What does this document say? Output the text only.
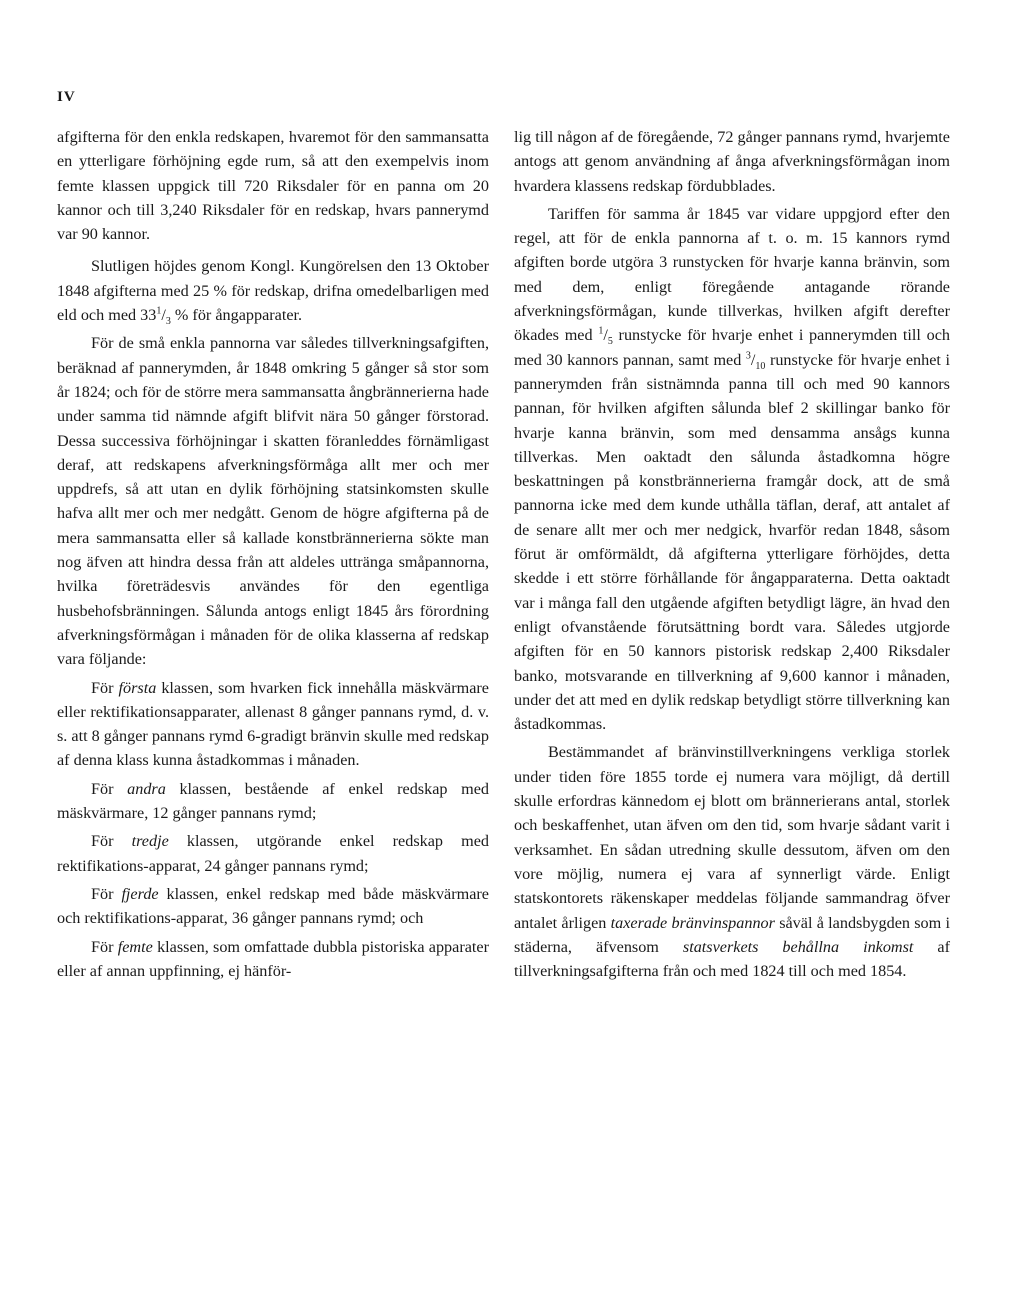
IV

afgifterna för den enkla redskapen, hvaremot för den sammansatta en ytterligare förhöjning egde rum, så att den exempelvis inom femte klassen uppgick till 720 Riksdaler för en panna om 20 kannor och till 3,240 Riksdaler för en redskap, hvars pannerymd var 90 kannor.

Slutligen höjdes genom Kongl. Kungörelsen den 13 Oktober 1848 afgifterna med 25 % för redskap, drifna omedelbarligen med eld och med $33^1/_3$ % för ångapparater.

För de små enkla pannorna var således tillverkningsafgiften, beräknad af pannerymden, år 1848 omkring 5 gånger så stor som år 1824; och för de större mera sammansatta ångbrännerierna hade under samma tid nämnde afgift blifvit nära 50 gånger förstorad. Dessa successiva förhöjningar i skatten föranleddes förnämligast deraf, att redskapens afverkningsförmåga allt mer och mer uppdrefs, så att utan en dylik förhöjning statsinkomsten skulle hafva allt mer och mer nedgått. Genom de högre afgifterna på de mera sammansatta eller så kallade konstbrännerierna sökte man nog äfven att hindra dessa från att aldeles uttränga småpannorna, hvilka företrädesvis användes för den egentliga husbehofsbränningen. Sålunda antogs enligt 1845 års förordning afverkningsförmågan i månaden för de olika klasserna af redskap vara följande:

För första klassen, som hvarken fick innehålla mäskvärmare eller rektifikationsapparater, allenast 8 gånger pannans rymd, d. v. s. att 8 gånger pannans rymd 6-gradigt bränvin skulle med redskap af denna klass kunna åstadkommas i månaden.

För andra klassen, bestående af enkel redskap med mäskvärmare, 12 gånger pannans rymd;

För tredje klassen, utgörande enkel redskap med rektifikations-apparat, 24 gånger pannans rymd;

För fjerde klassen, enkel redskap med både mäskvärmare och rektifikations-apparat, 36 gånger pannans rymd; och

För femte klassen, som omfattade dubbla pistoriska apparater eller af annan uppfinning, ej hänför-

lig till någon af de föregående, 72 gånger pannans rymd, hvarjemte antogs att genom användning af ånga afverkningsförmågan inom hvardera klassens redskap fördubblades.

Tariffen för samma år 1845 var vidare uppgjord efter den regel, att för de enkla pannorna af t. o. m. 15 kannors rymd afgiften borde utgöra 3 runstycken för hvarje kanna bränvin, som med dem, enligt föregående antagande rörande afverkningsförmågan, kunde tillverkas, hvilken afgift derefter ökades med $^1/_5$ runstycke för hvarje enhet i pannerymden till och med 30 kannors pannan, samt med $^3/_{10}$ runstycke för hvarje enhet i pannerymden från sistnämnda panna till och med 90 kannors pannan, för hvilken afgiften sålunda blef 2 skillingar banko för hvarje kanna bränvin, som med densamma ansågs kunna tillverkas. Men oaktadt den sålunda åstadkomna högre beskattningen på konstbrännerierna framgår dock, att de små pannorna icke med dem kunde uthålla täflan, deraf, att antalet af de senare allt mer och mer nedgick, hvarför redan 1848, såsom förut är omförmäldt, då afgifterna ytterligare förhöjdes, detta skedde i ett större förhållande för ångapparaterna. Detta oaktadt var i många fall den utgående afgiften betydligt lägre, än hvad den enligt ofvanstående förutsättning bordt vara. Således utgjorde afgiften för en 50 kannors pistorisk redskap 2,400 Riksdaler banko, motsvarande en tillverkning af 9,600 kannor i månaden, under det att med en dylik redskap betydligt större tillverkning kan åstadkommas.

Bestämmandet af bränvinstillverkningens verkliga storlek under tiden före 1855 torde ej numera vara möjligt, då dertill skulle erfordras kännedom ej blott om brännerierans antal, storlek och beskaffenhet, utan äfven om den tid, som hvarje sådant varit i verksamhet. En sådan utredning skulle dessutom, äfven om den vore möjlig, numera ej vara af synnerligt värde. Enligt statskontorets räkenskaper meddelas följande sammandrag öfver antalet årligen taxerade bränvinspannor såväl å landsbygden som i städerna, äfvensom statsverkets behållna inkomst af tillverkningsafgifterna från och med 1824 till och med 1854.
